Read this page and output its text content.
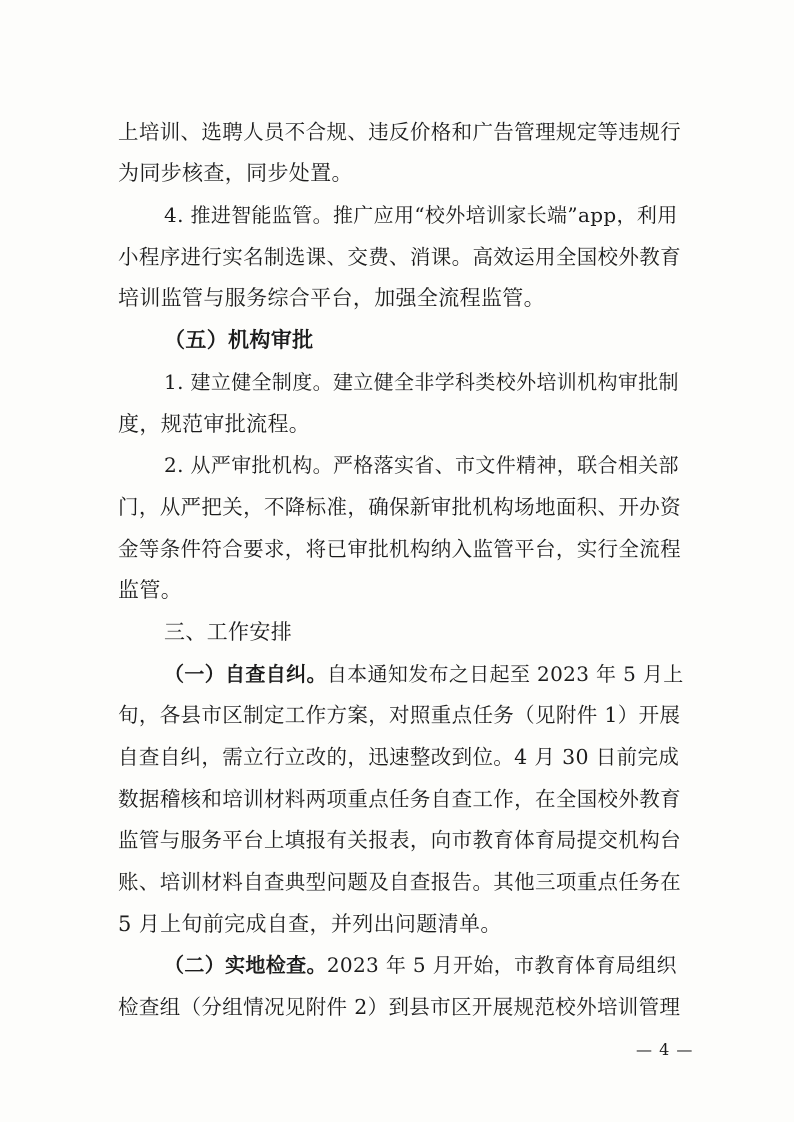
上培训、选聘人员不合规、违反价格和广告管理规定等违规行
为同步核查，同步处置。
4. 推进智能监管。推广应用“校外培训家长端”app，利用
小程序进行实名制选课、交费、消课。高效运用全国校外教育
培训监管与服务综合平台，加强全流程监管。
（五）机构审批
1. 建立健全制度。建立健全非学科类校外培训机构审批制
度，规范审批流程。
2. 从严审批机构。严格落实省、市文件精神，联合相关部
门，从严把关，不降标准，确保新审批机构场地面积、开办资
金等条件符合要求，将已审批机构纳入监管平台，实行全流程
监管。
三、工作安排
（一）自查自纠。自本通知发布之日起至 2023 年 5 月上
旬，各县市区制定工作方案，对照重点任务（见附件 1）开展
自查自纠，需立行立改的，迅速整改到位。4 月 30 日前完成
数据稽核和培训材料两项重点任务自查工作，在全国校外教育
监管与服务平台上填报有关报表，向市教育体育局提交机构台
账、培训材料自查典型问题及自查报告。其他三项重点任务在
5 月上旬前完成自查，并列出问题清单。
（二）实地检查。2023 年 5 月开始，市教育体育局组织
检查组（分组情况见附件 2）到县市区开展规范校外培训管理
— 4 —
